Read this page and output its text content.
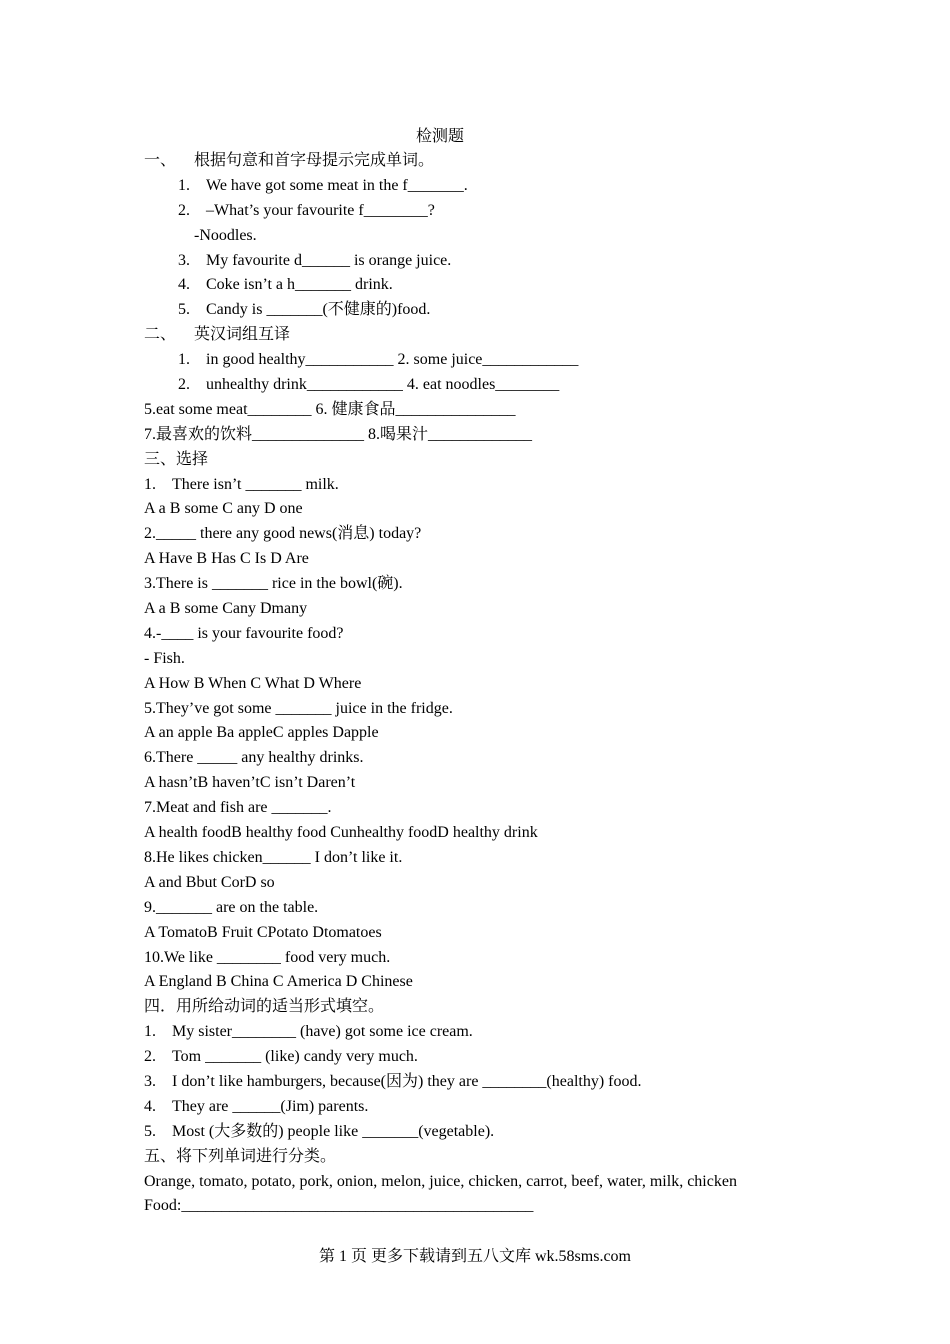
检测题
一、 根据句意和首字母提示完成单词。
1. We have got some meat in the f_______.
2. –What’s your favourite f________?
-Noodles.
3. My favourite d______ is orange juice.
4. Coke isn’t a h_______ drink.
5. Candy is _______(不健康的)food.
二、 英汉词组互译
1. in good healthy___________ 2. some juice____________
2. unhealthy drink____________ 4. eat noodles________
5.eat some meat________ 6. 健康食品_______________
7.最喜欢的饮料______________ 8.喝果汁_____________
三、选择
1. There isn’t _______ milk.
A a B some C any D one
2._____ there any good news(消息) today?
A Have B Has C Is D Are
3.There is _______ rice in the bowl(碗).
A a B some Cany Dmany
4.-____ is your favourite food?
- Fish.
A How B When C What D Where
5.They’ve got some _______ juice in the fridge.
A an apple Ba appleC apples Dapple
6.There _____ any healthy drinks.
A hasn’tB haven’tC isn’t Daren’t
7.Meat and fish are _______.
A health foodB healthy food Cunhealthy foodD healthy drink
8.He likes chicken______ I don’t like it.
A and Bbut CorD so
9._______ are on the table.
A TomatoB Fruit CPotato Dtomatoes
10.We like ________ food very much.
A England B China C America D Chinese
四．用所给动词的适当形式填空。
1. My sister________ (have) got some ice cream.
2. Tom _______ (like) candy very much.
3. I don’t like hamburgers, because(因为) they are ________(healthy) food.
4. They are ______(Jim) parents.
5. Most (大多数的) people like _______(vegetable).
五、将下列单词进行分类。
Orange, tomato, potato, pork, onion, melon, juice, chicken, carrot, beef, water, milk, chicken
Food:____________________________________________
第 1 页 更多下载请到五八文库 wk.58sms.com
